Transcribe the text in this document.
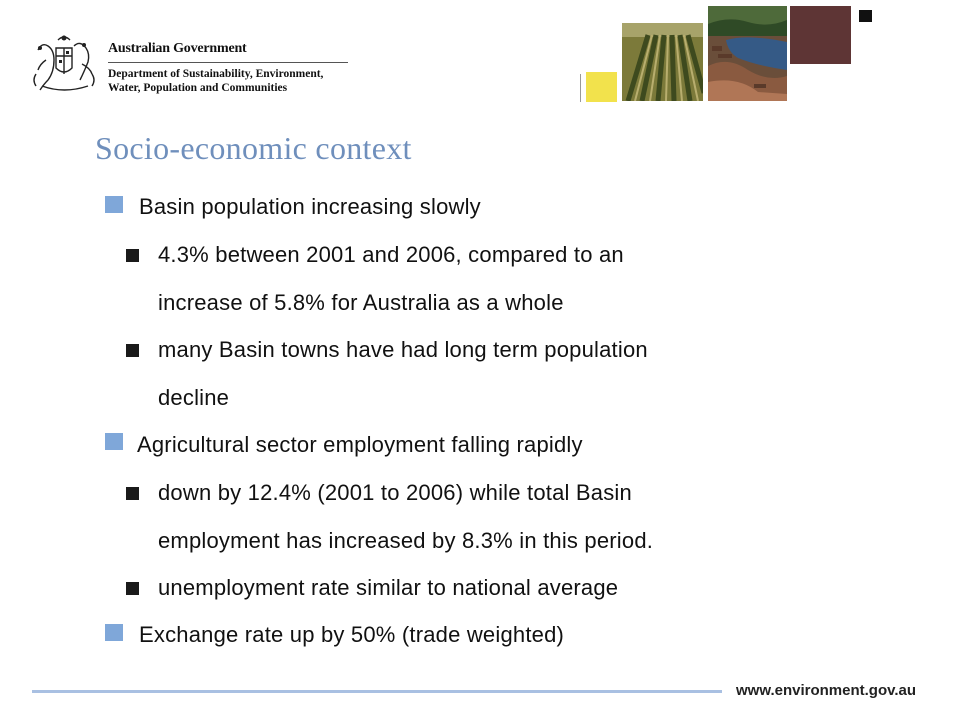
Australian Government
Department of Sustainability, Environment,
Water, Population and Communities
Socio-economic context
Basin population increasing slowly
4.3% between 2001 and 2006, compared to an
increase of 5.8% for Australia as a whole
many Basin towns have had long term population
decline
Agricultural sector employment falling rapidly
down by 12.4% (2001 to 2006) while total Basin
employment has increased by 8.3% in this period.
unemployment rate similar to national average
Exchange rate up by 50% (trade weighted)
www.environment.gov.au
